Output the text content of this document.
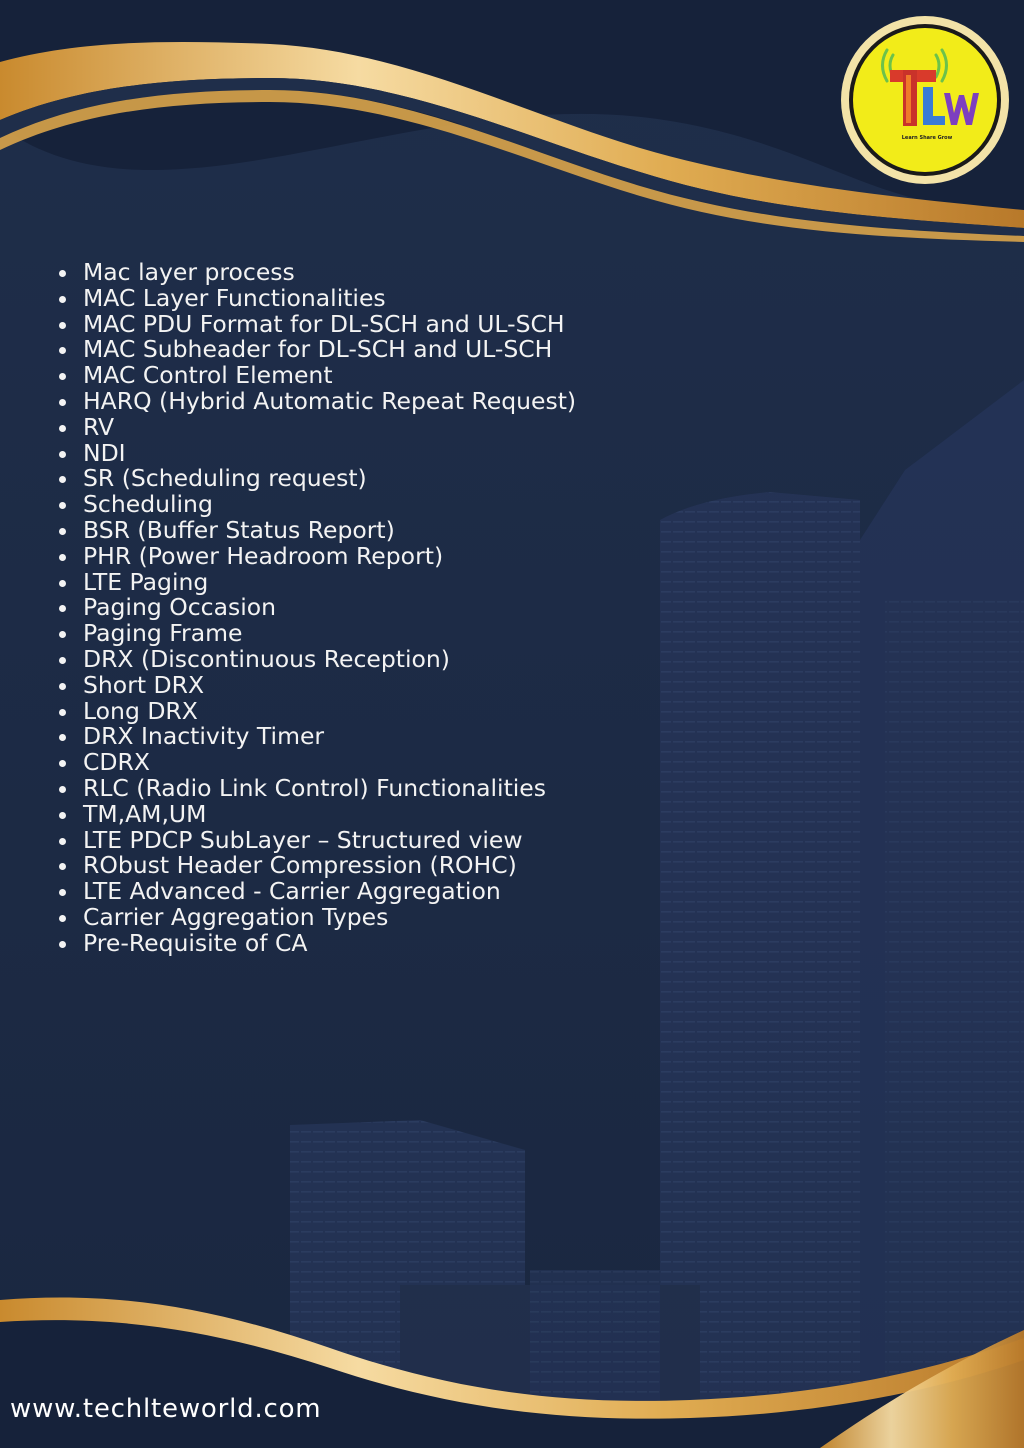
Mac layer process
MAC Layer Functionalities
MAC PDU Format for DL-SCH and UL-SCH
MAC Subheader for DL-SCH and UL-SCH
MAC Control Element
HARQ (Hybrid Automatic Repeat Request)
RV
NDI
SR (Scheduling request)
Scheduling
BSR (Buffer Status Report)
PHR (Power Headroom Report)
LTE Paging
Paging Occasion
Paging Frame
DRX (Discontinuous Reception)
Short DRX
Long DRX
DRX Inactivity Timer
CDRX
RLC (Radio Link Control) Functionalities
TM,AM,UM
LTE PDCP SubLayer – Structured view
RObust Header Compression (ROHC)
LTE Advanced - Carrier Aggregation
Carrier Aggregation Types
Pre-Requisite of CA
Learn Share Grow
www.techlteworld.com
